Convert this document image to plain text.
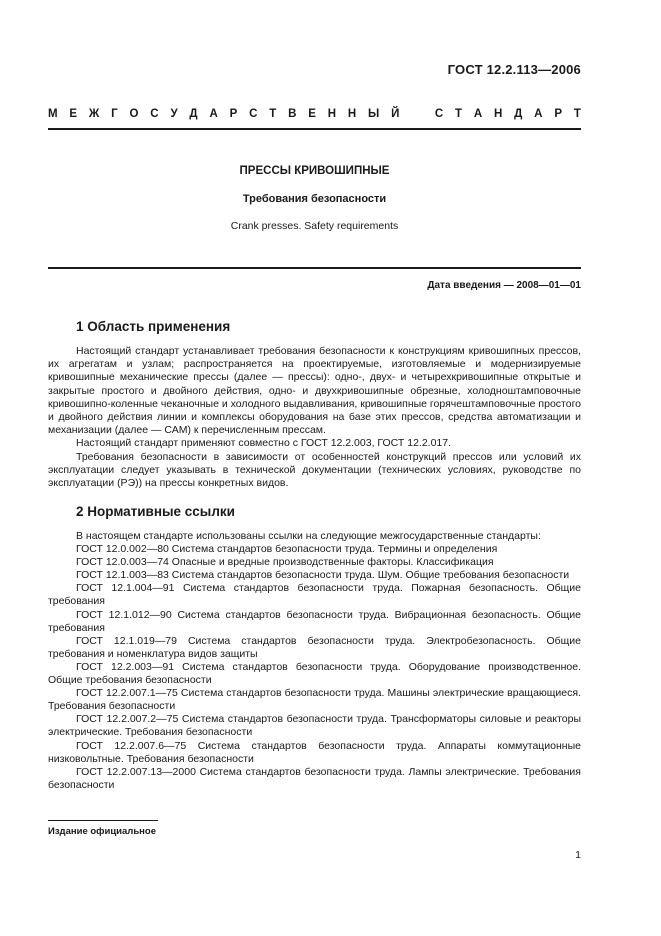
ГОСТ 12.2.113—2006
М Е Ж Г О С У Д А Р С Т В Е Н Н Ы Й	С Т А Н Д А Р Т
ПРЕССЫ КРИВОШИПНЫЕ
Требования безопасности
Crank presses. Safety requirements
Дата введения — 2008—01—01
1 Область применения

Настоящий стандарт устанавливает требования безопасности к конструкциям кривошипных прессов, их агрегатам и узлам; распространяется на проектируемые, изготовляемые и модернизируемые кривошипные механические прессы (далее — прессы): одно-, двух- и четырехкривошипные открытые и закрытые простого и двойного действия, одно- и двухкривошипные обрезные, холодноштамповочные кривошипно-коленные чеканочные и холодного выдавливания, кривошипные горячештамповочные простого и двойного действия линии и комплексы оборудования на базе этих прессов, средства автоматизации и механизации (далее — САМ) к перечисленным прессам.

Настоящий стандарт применяют совместно с ГОСТ 12.2.003, ГОСТ 12.2.017.

Требования безопасности в зависимости от особенностей конструкций прессов или условий их эксплуатации следует указывать в технической документации (технических условиях, руководстве по эксплуатации (РЭ)) на прессы конкретных видов.

2 Нормативные ссылки

В настоящем стандарте использованы ссылки на следующие межгосударственные стандарты:

ГОСТ 12.0.002—80 Система стандартов безопасности труда. Термины и определения

ГОСТ 12.0.003—74 Опасные и вредные производственные факторы. Классификация

ГОСТ 12.1.003—83 Система стандартов безопасности труда. Шум. Общие требования безопасности

ГОСТ 12.1.004—91 Система стандартов безопасности труда. Пожарная безопасность. Общие требования

ГОСТ 12.1.012—90 Система стандартов безопасности труда. Вибрационная безопасность. Общие требования

ГОСТ 12.1.019—79 Система стандартов безопасности труда. Электробезопасность. Общие требования и номенклатура видов защиты

ГОСТ 12.2.003—91 Система стандартов безопасности труда. Оборудование производственное. Общие требования безопасности

ГОСТ 12.2.007.1—75 Система стандартов безопасности труда. Машины электрические вращающиеся. Требования безопасности

ГОСТ 12.2.007.2—75 Система стандартов безопасности труда. Трансформаторы силовые и реакторы электрические. Требования безопасности

ГОСТ 12.2.007.6—75 Система стандартов безопасности труда. Аппараты коммутационные низковольтные. Требования безопасности

ГОСТ 12.2.007.13—2000 Система стандартов безопасности труда. Лампы электрические. Требования безопасности

Издание официальное
1
